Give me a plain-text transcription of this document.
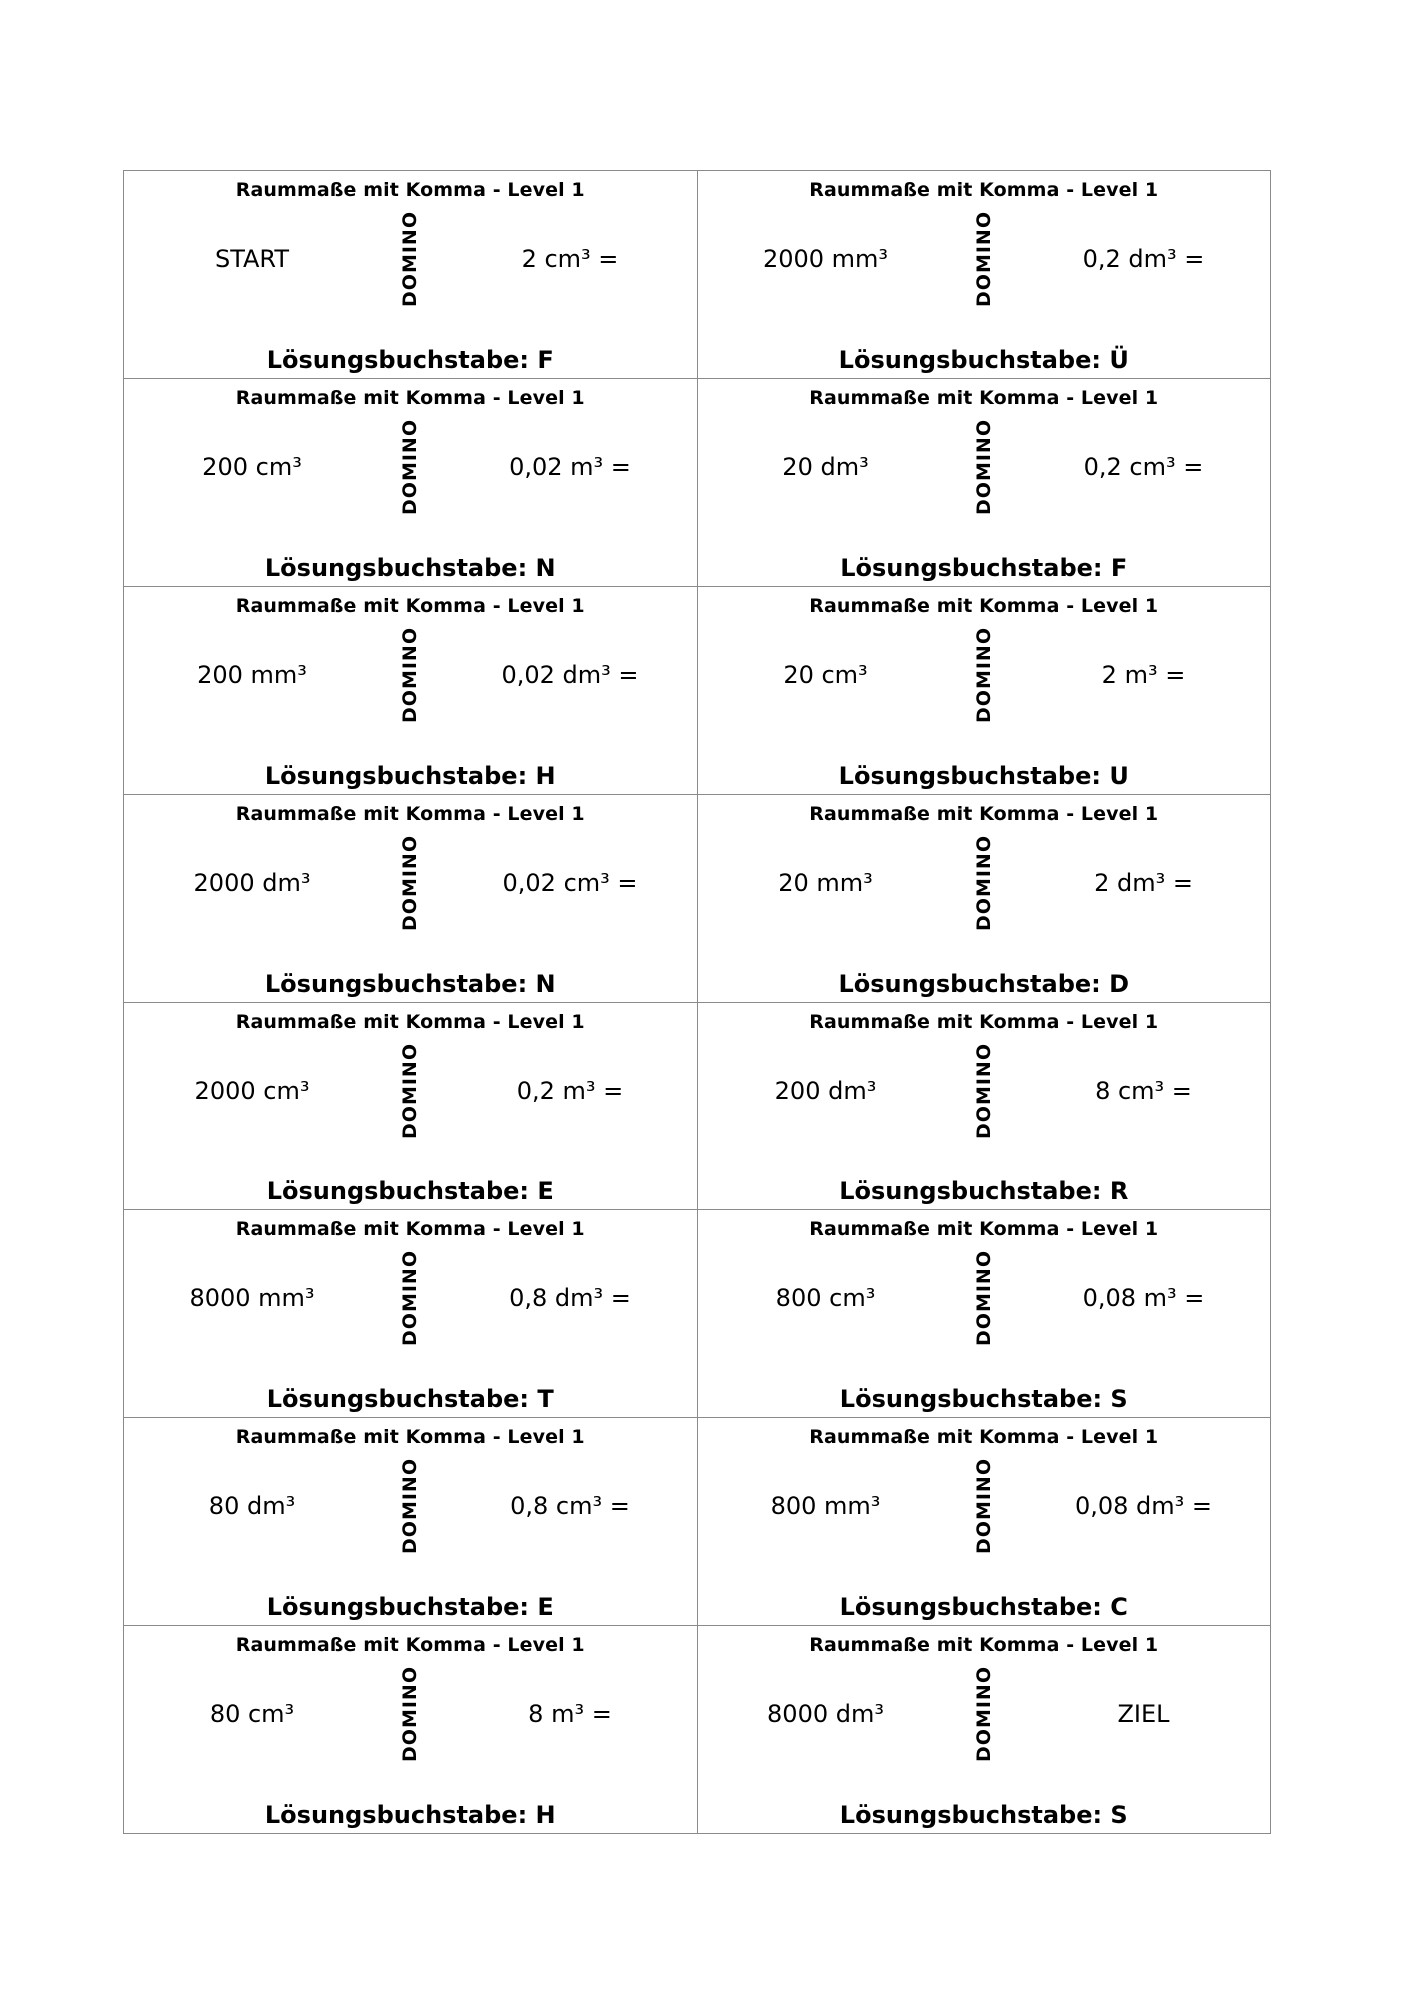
Raummaße mit Komma - Level 1
START	DOMINO	2 cm³ =
Lösungsbuchstabe: F
Raummaße mit Komma - Level 1
2000 mm³	DOMINO	0,2 dm³ =
Lösungsbuchstabe: Ü
Raummaße mit Komma - Level 1
200 cm³	DOMINO	0,02 m³ =
Lösungsbuchstabe: N
Raummaße mit Komma - Level 1
20 dm³	DOMINO	0,2 cm³ =
Lösungsbuchstabe: F
Raummaße mit Komma - Level 1
200 mm³	DOMINO	0,02 dm³ =
Lösungsbuchstabe: H
Raummaße mit Komma - Level 1
20 cm³	DOMINO	2 m³ =
Lösungsbuchstabe: U
Raummaße mit Komma - Level 1
2000 dm³	DOMINO	0,02 cm³ =
Lösungsbuchstabe: N
Raummaße mit Komma - Level 1
20 mm³	DOMINO	2 dm³ =
Lösungsbuchstabe: D
Raummaße mit Komma - Level 1
2000 cm³	DOMINO	0,2 m³ =
Lösungsbuchstabe: E
Raummaße mit Komma - Level 1
200 dm³	DOMINO	8 cm³ =
Lösungsbuchstabe: R
Raummaße mit Komma - Level 1
8000 mm³	DOMINO	0,8 dm³ =
Lösungsbuchstabe: T
Raummaße mit Komma - Level 1
800 cm³	DOMINO	0,08 m³ =
Lösungsbuchstabe: S
Raummaße mit Komma - Level 1
80 dm³	DOMINO	0,8 cm³ =
Lösungsbuchstabe: E
Raummaße mit Komma - Level 1
800 mm³	DOMINO	0,08 dm³ =
Lösungsbuchstabe: C
Raummaße mit Komma - Level 1
80 cm³	DOMINO	8 m³ =
Lösungsbuchstabe: H
Raummaße mit Komma - Level 1
8000 dm³	DOMINO	ZIEL
Lösungsbuchstabe: S
